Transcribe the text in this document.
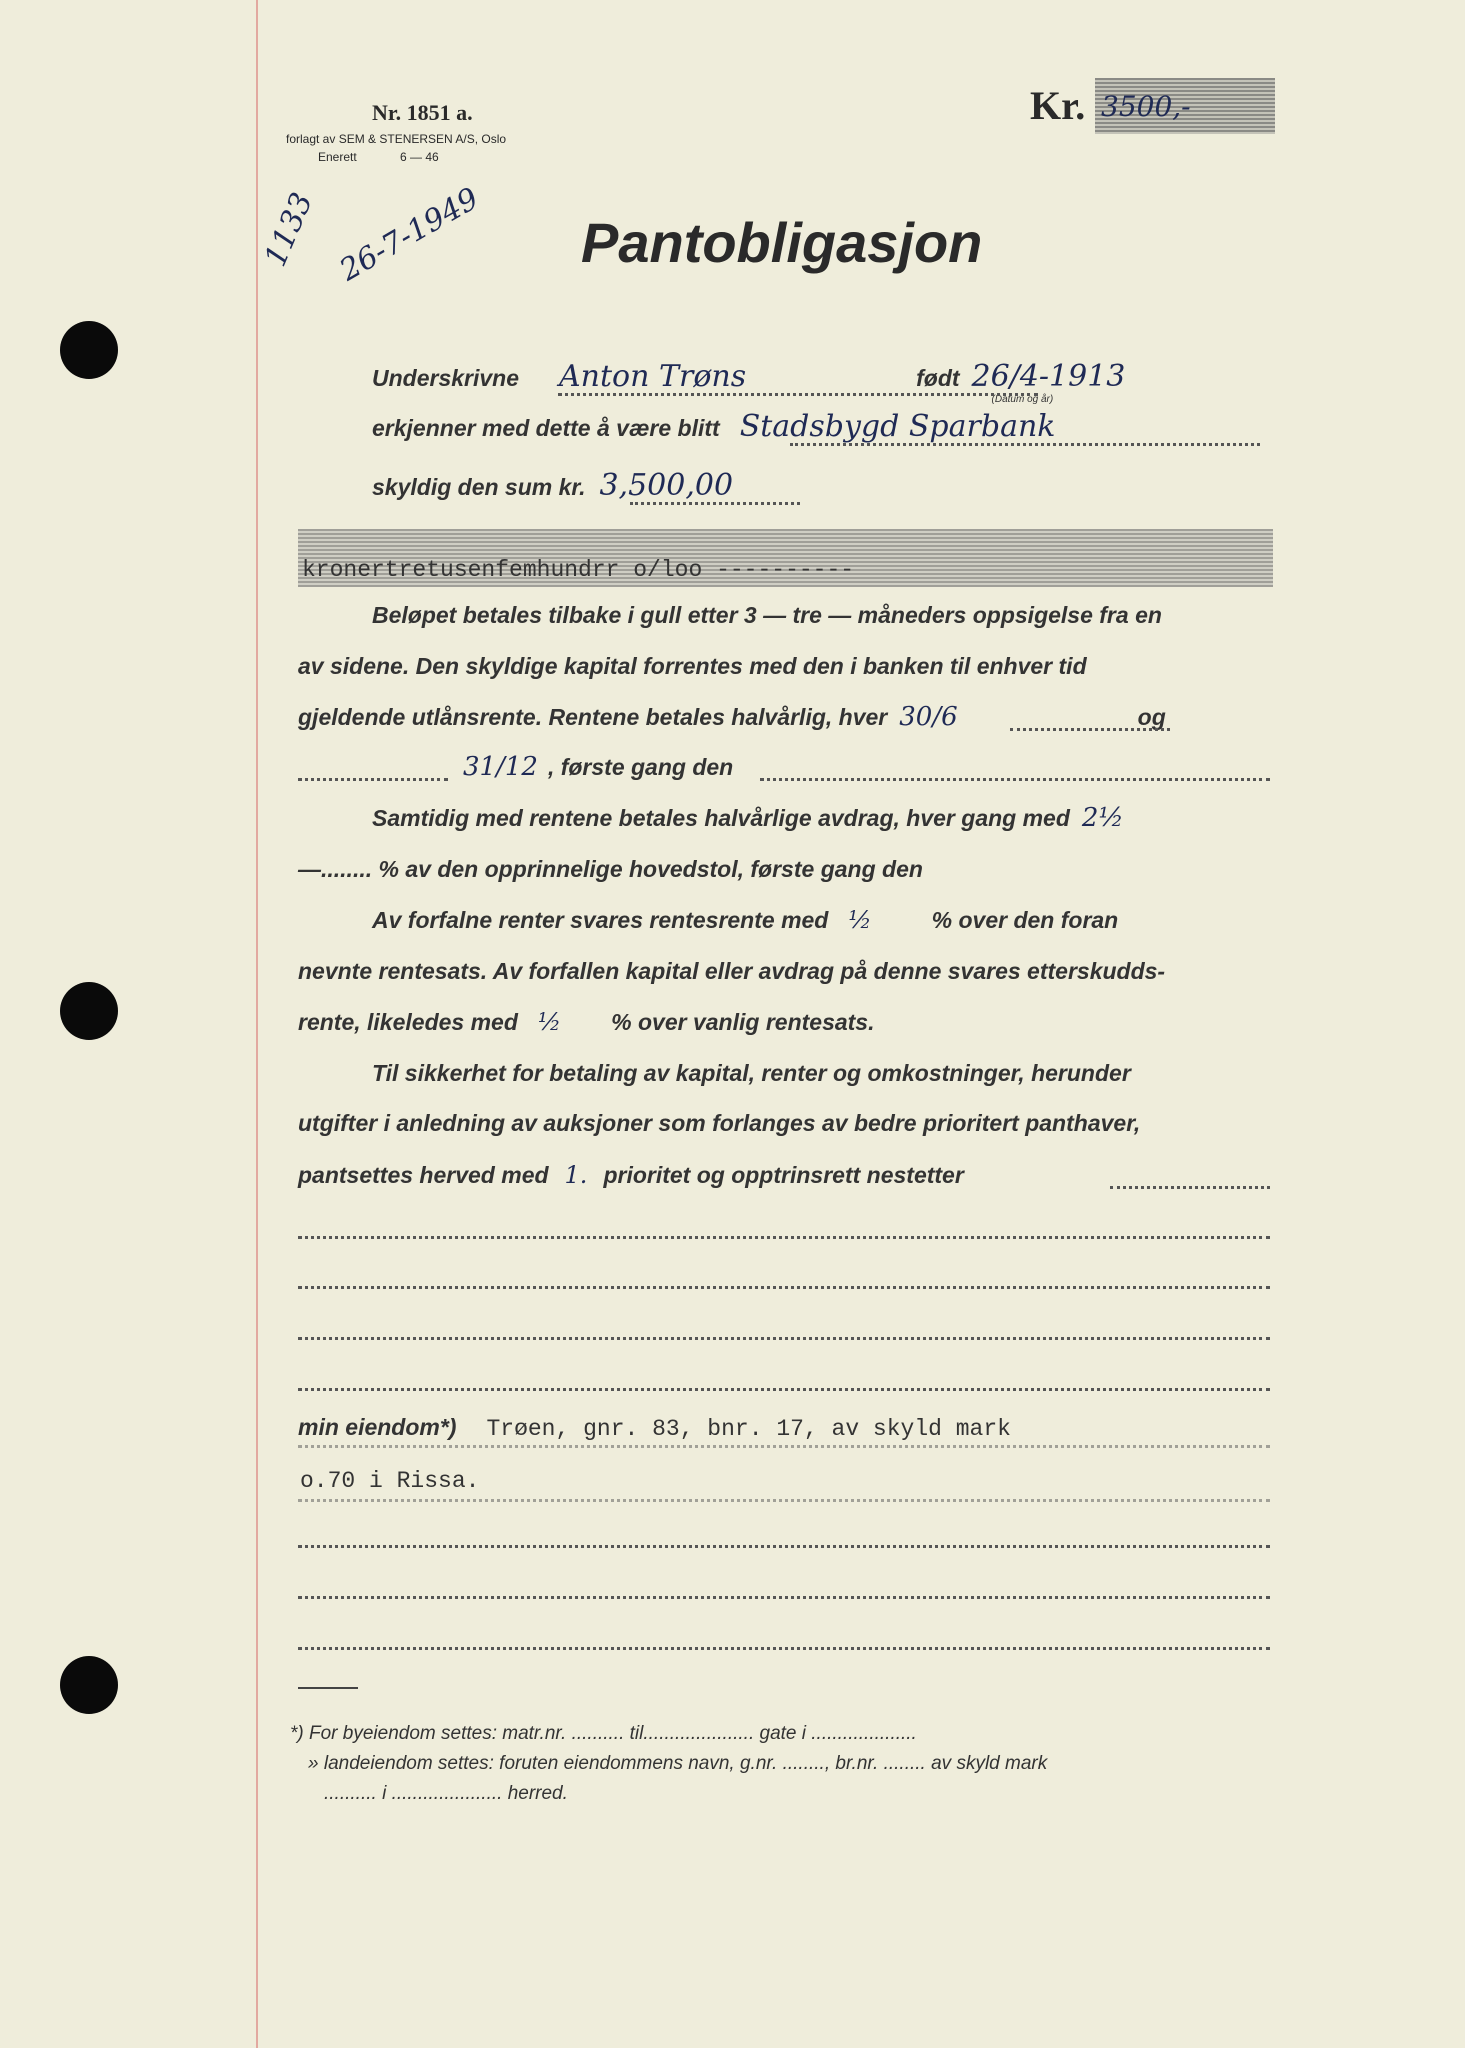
Nr. 1851 a.
forlagt av SEM & STENERSEN A/S, Oslo
Enerett	6 — 46
Kr. 3500,-
1133 26-7-1949 Pantobligasjon
Underskrivne Anton Trøns	født 26/4-1913
(Datum og år)
erkjenner med dette å være blitt Stadsbygd Sparbank
skyldig den sum kr. 3,500,00
kronertretusenfemhundrr o/loo ----------
Beløpet betales tilbake i gull etter 3 — tre — måneders oppsigelse fra en
av sidene. Den skyldige kapital forrentes med den i banken til enhver tid
gjeldende utlånsrente. Rentene betales halvårlig, hver 30/6	og
31/12 , første gang den
Samtidig med rentene betales halvårlige avdrag, hver gang med 2½
—........ % av den opprinnelige hovedstol, første gang den
Av forfalne renter svares rentesrente med ½	% over den foran
nevnte rentesats. Av forfallen kapital eller avdrag på denne svares etterskudds-
rente, likeledes med ½ % over vanlig rentesats.
Til sikkerhet for betaling av kapital, renter og omkostninger, herunder
utgifter i anledning av auksjoner som forlanges av bedre prioritert panthaver,
pantsettes herved med 1. prioritet og opptrinsrett nestetter
min eiendom*) Trøen, gnr. 83, bnr. 17, av skyld mark
o.70 i Rissa.
*) For byeiendom settes: matr.nr. .......... til..................... gate i ....................
» landeiendom settes: foruten eiendommens navn, g.nr. ........, br.nr. ........ av skyld mark
.......... i ..................... herred.
